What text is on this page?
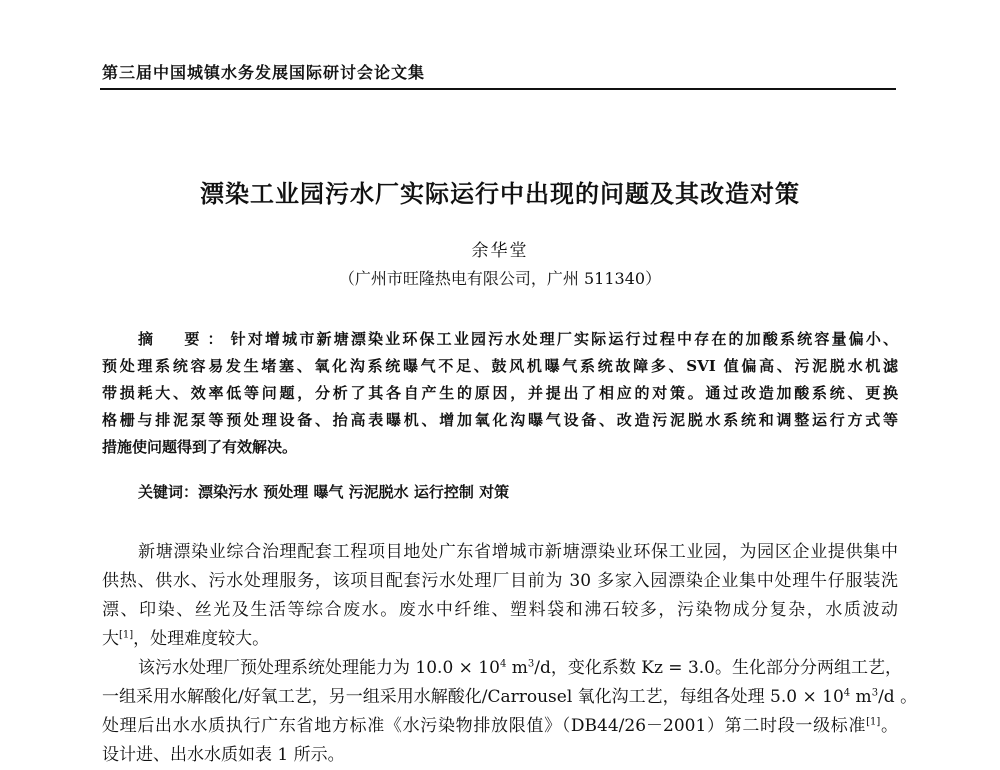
第三届中国城镇水务发展国际研讨会论文集
漂染工业园污水厂实际运行中出现的问题及其改造对策
余华堂
（广州市旺隆热电有限公司，广州 511340）
摘　要：针对增城市新塘漂染业环保工业园污水处理厂实际运行过程中存在的加酸系统容量偏小、
预处理系统容易发生堵塞、氧化沟系统曝气不足、鼓风机曝气系统故障多、SVI 值偏高、污泥脱水机滤
带损耗大、效率低等问题，分析了其各自产生的原因，并提出了相应的对策。通过改造加酸系统、更换
格栅与排泥泵等预处理设备、抬高表曝机、增加氧化沟曝气设备、改造污泥脱水系统和调整运行方式等
措施使问题得到了有效解决。
关键词：漂染污水 预处理 曝气 污泥脱水 运行控制 对策
新塘漂染业综合治理配套工程项目地处广东省增城市新塘漂染业环保工业园，为园区企业提供集中
供热、供水、污水处理服务，该项目配套污水处理厂目前为 30 多家入园漂染企业集中处理牛仔服装洗
漂、印染、丝光及生活等综合废水。废水中纤维、塑料袋和沸石较多，污染物成分复杂，水质波动
大[1]，处理难度较大。
该污水处理厂预处理系统处理能力为 $10.0 \times 10^4$ $m^3/d$，变化系数 Kz = 3.0。生化部分分两组工艺，
一组采用水解酸化/好氧工艺，另一组采用水解酸化/Carrousel 氧化沟工艺，每组各处理 $5.0 \times 10^4$ $m^3/d$ 。
处理后出水水质执行广东省地方标准《水污染物排放限值》（DB44/26－2001）第二时段一级标准[1]。
设计进、出水水质如表 1 所示。
